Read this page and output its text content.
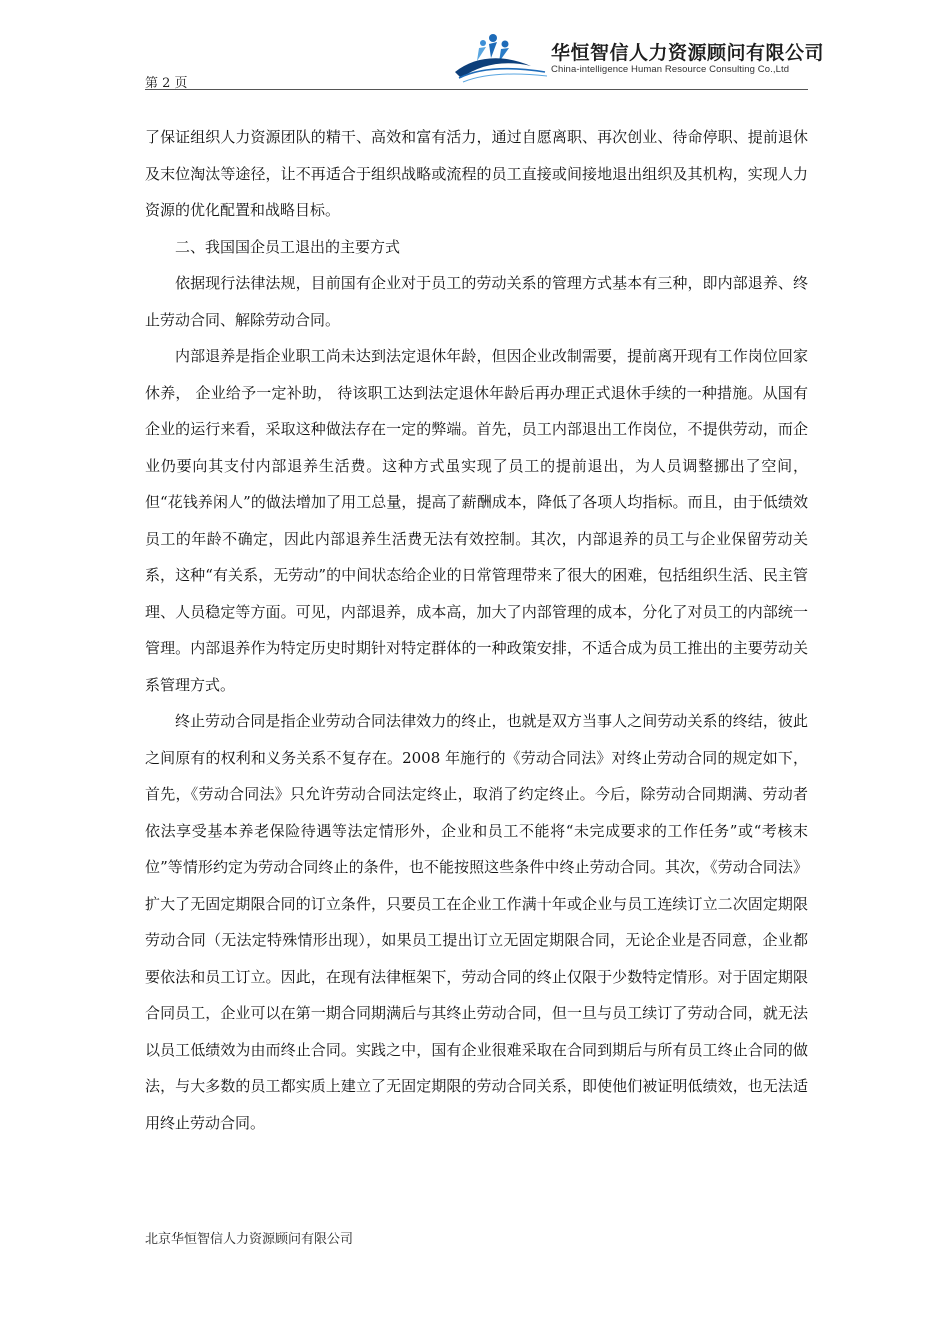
第 2 页
华恒智信人力资源顾问有限公司
China-intelligence Human Resource Consulting Co.,Ltd

了保证组织人力资源团队的精干、高效和富有活力，通过自愿离职、再次创业、待命停职、提前退休及末位淘汰等途径，让不再适合于组织战略或流程的员工直接或间接地退出组织及其机构，实现人力资源的优化配置和战略目标。

二、我国国企员工退出的主要方式

依据现行法律法规，目前国有企业对于员工的劳动关系的管理方式基本有三种，即内部退养、终止劳动合同、解除劳动合同。

内部退养是指企业职工尚未达到法定退休年龄，但因企业改制需要，提前离开现有工作岗位回家休养， 企业给予一定补助， 待该职工达到法定退休年龄后再办理正式退休手续的一种措施。从国有企业的运行来看，采取这种做法存在一定的弊端。首先，员工内部退出工作岗位，不提供劳动，而企业仍要向其支付内部退养生活费。这种方式虽实现了员工的提前退出，为人员调整挪出了空间，但“花钱养闲人”的做法增加了用工总量，提高了薪酬成本，降低了各项人均指标。而且，由于低绩效员工的年龄不确定，因此内部退养生活费无法有效控制。其次，内部退养的员工与企业保留劳动关系，这种“有关系，无劳动”的中间状态给企业的日常管理带来了很大的困难，包括组织生活、民主管理、人员稳定等方面。可见，内部退养，成本高，加大了内部管理的成本，分化了对员工的内部统一管理。内部退养作为特定历史时期针对特定群体的一种政策安排，不适合成为员工推出的主要劳动关系管理方式。

终止劳动合同是指企业劳动合同法律效力的终止，也就是双方当事人之间劳动关系的终结，彼此之间原有的权利和义务关系不复存在。2008 年施行的《劳动合同法》对终止劳动合同的规定如下，首先，《劳动合同法》只允许劳动合同法定终止，取消了约定终止。今后，除劳动合同期满、劳动者依法享受基本养老保险待遇等法定情形外，企业和员工不能将“未完成要求的工作任务”或“考核末位”等情形约定为劳动合同终止的条件，也不能按照这些条件中终止劳动合同。其次，《劳动合同法》扩大了无固定期限合同的订立条件，只要员工在企业工作满十年或企业与员工连续订立二次固定期限劳动合同（无法定特殊情形出现），如果员工提出订立无固定期限合同，无论企业是否同意，企业都要依法和员工订立。因此，在现有法律框架下，劳动合同的终止仅限于少数特定情形。对于固定期限合同员工，企业可以在第一期合同期满后与其终止劳动合同，但一旦与员工续订了劳动合同，就无法以员工低绩效为由而终止合同。实践之中，国有企业很难采取在合同到期后与所有员工终止合同的做法，与大多数的员工都实质上建立了无固定期限的劳动合同关系，即使他们被证明低绩效，也无法适用终止劳动合同。

北京华恒智信人力资源顾问有限公司
